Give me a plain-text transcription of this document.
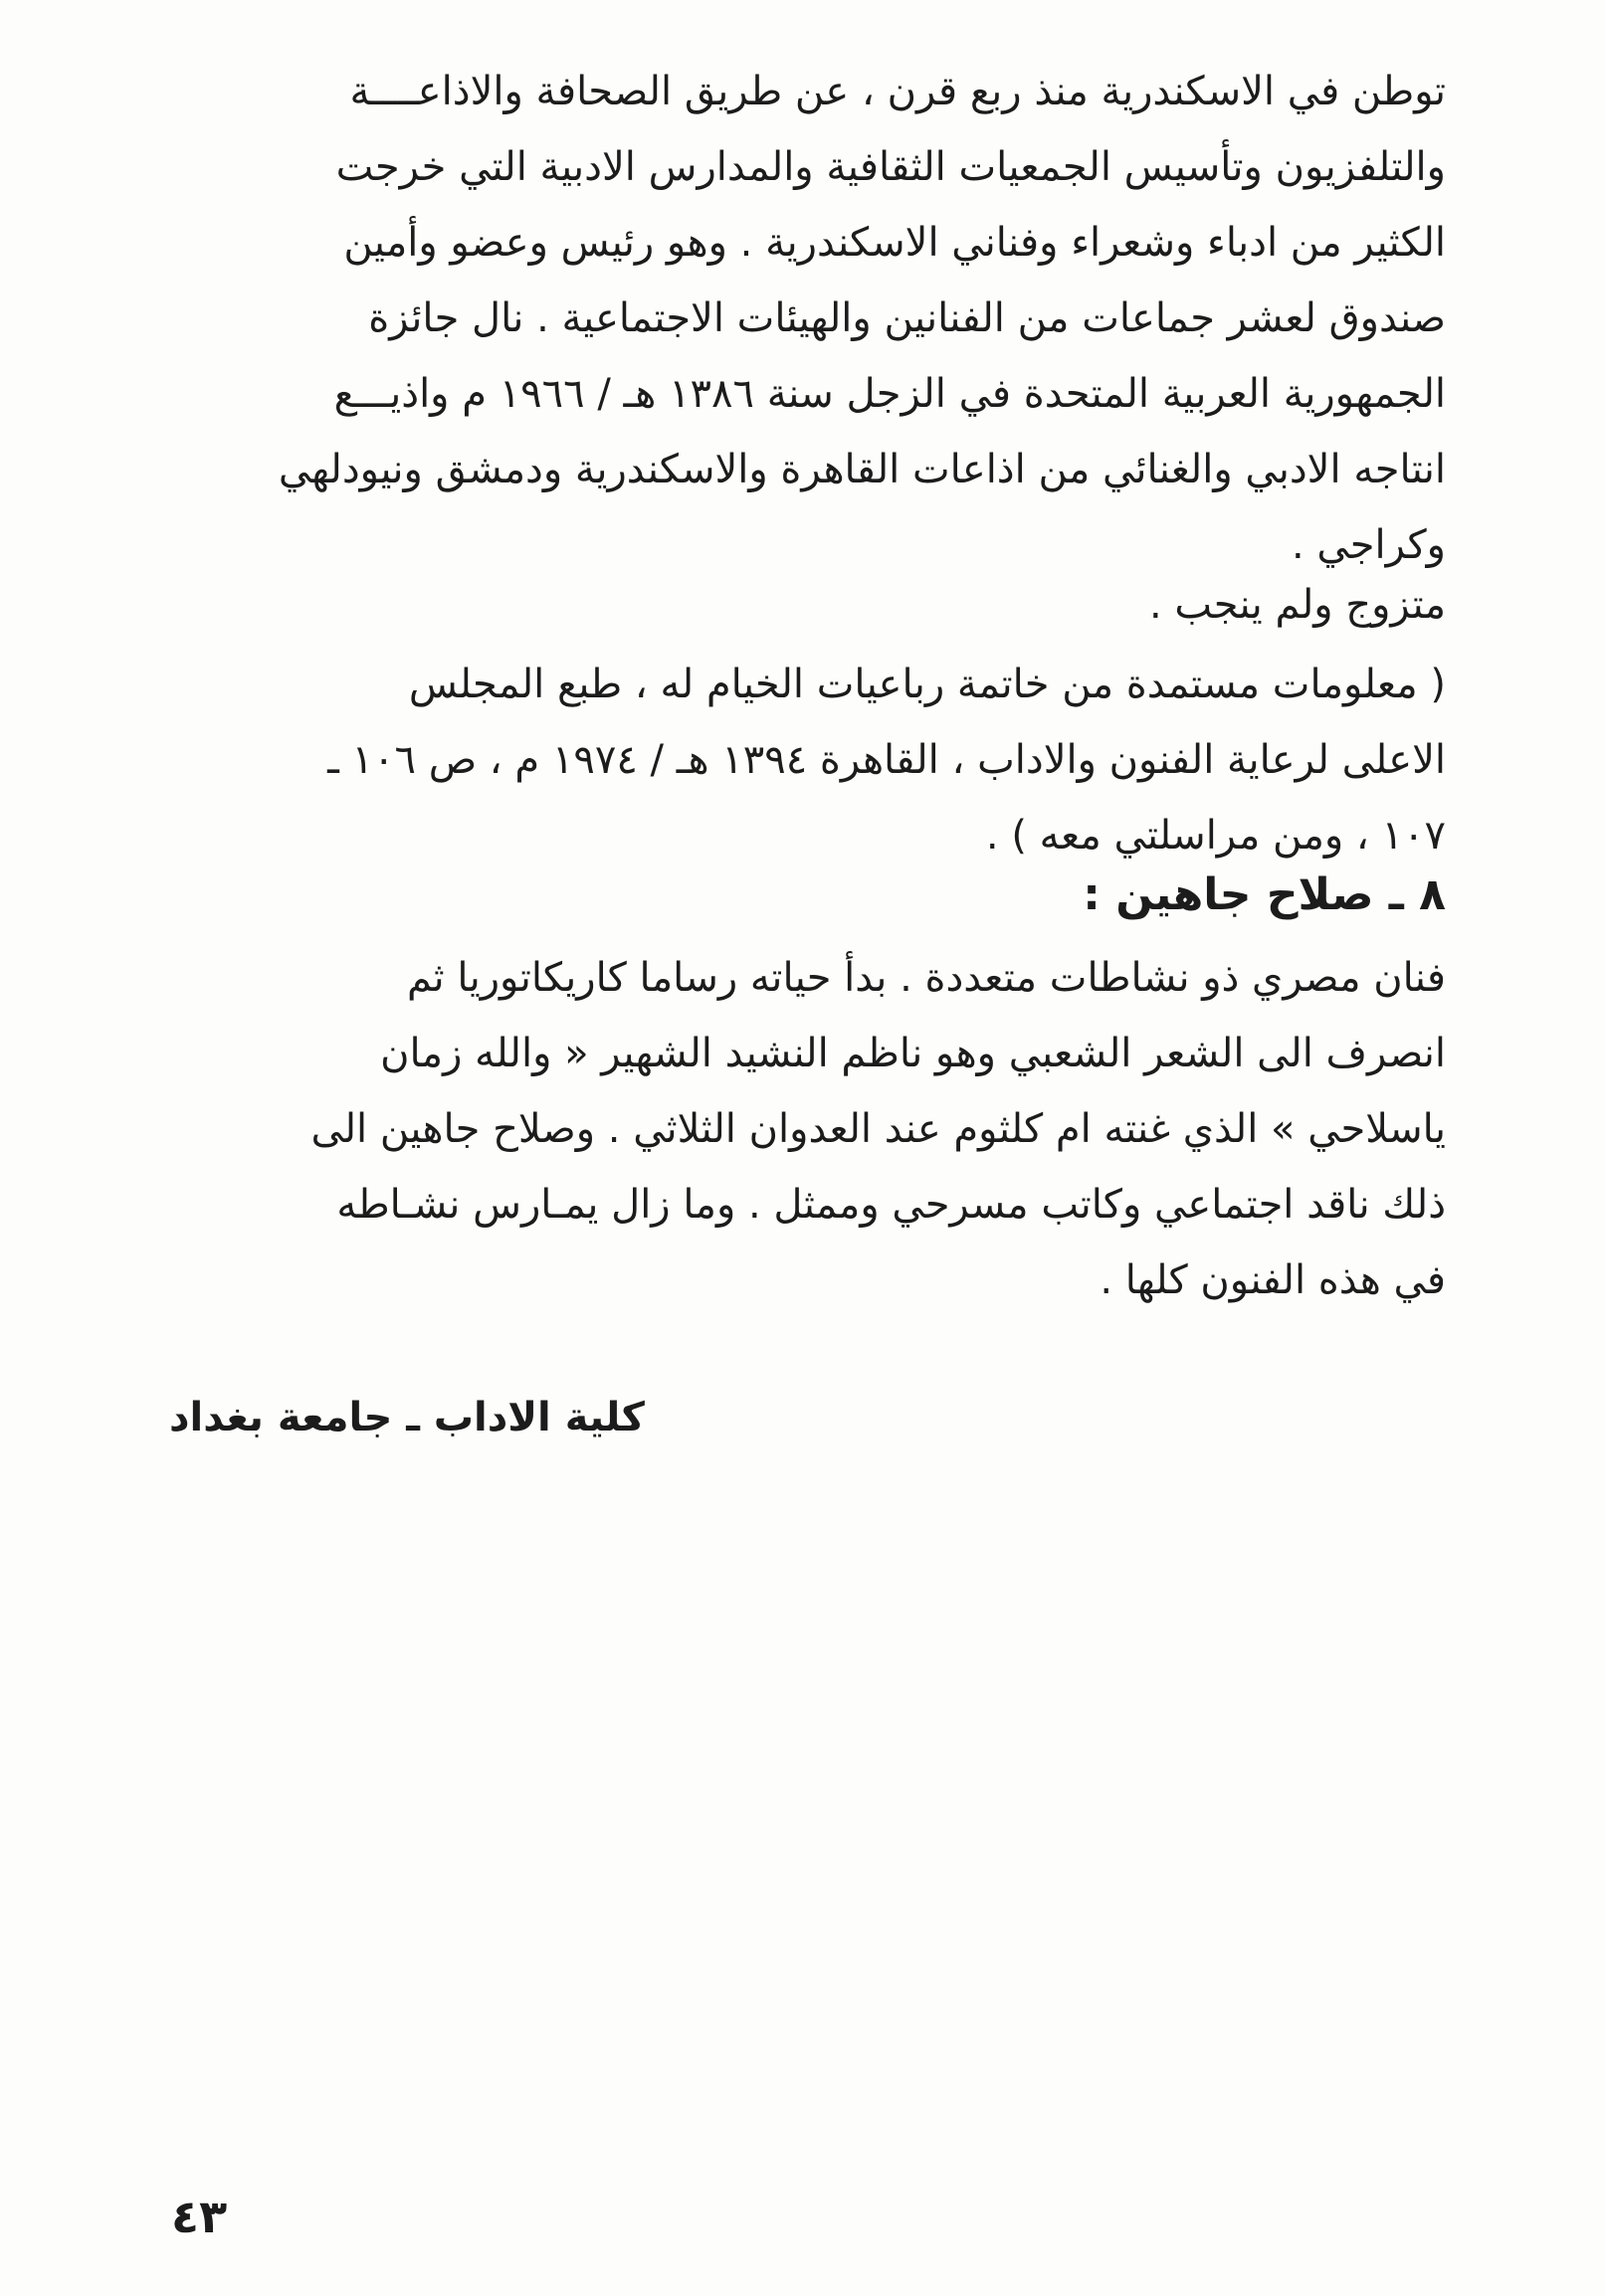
توطن في الاسكندرية منذ ربع قرن ، عن طريق الصحافة والاذاعــــة
والتلفزيون وتأسيس الجمعيات الثقافية والمدارس الادبية التي خرجت
الكثير من ادباء وشعراء وفناني الاسكندرية . وهو رئيس وعضو وأمين
صندوق لعشر جماعات من الفنانين والهيئات الاجتماعية . نال جائزة
الجمهورية العربية المتحدة في الزجل سنة ١٣٨٦ هـ / ١٩٦٦ م واذيـــع
انتاجه الادبي والغنائي من اذاعات القاهرة والاسكندرية ودمشق ونيودلهي
وكراجي .
متزوج ولم ينجب .
( معلومات مستمدة من خاتمة رباعيات الخيام له ، طبع المجلس
الاعلى لرعاية الفنون والاداب ، القاهرة ١٣٩٤ هـ / ١٩٧٤ م ، ص ١٠٦ ـ
١٠٧ ، ومن مراسلتي معه ) .
٨ ـ صلاح جاهين :
فنان مصري ذو نشاطات متعددة . بدأ حياته رساما كاريكاتوريا ثم
انصرف الى الشعر الشعبي وهو ناظم النشيد الشهير « والله زمان
ياسلاحي » الذي غنته ام كلثوم عند العدوان الثلاثي . وصلاح جاهين الى
ذلك ناقد اجتماعي وكاتب مسرحي وممثل . وما زال يمـارس نشـاطه
في هذه الفنون كلها .
كلية الاداب ـ جامعة بغداد
٤٣
